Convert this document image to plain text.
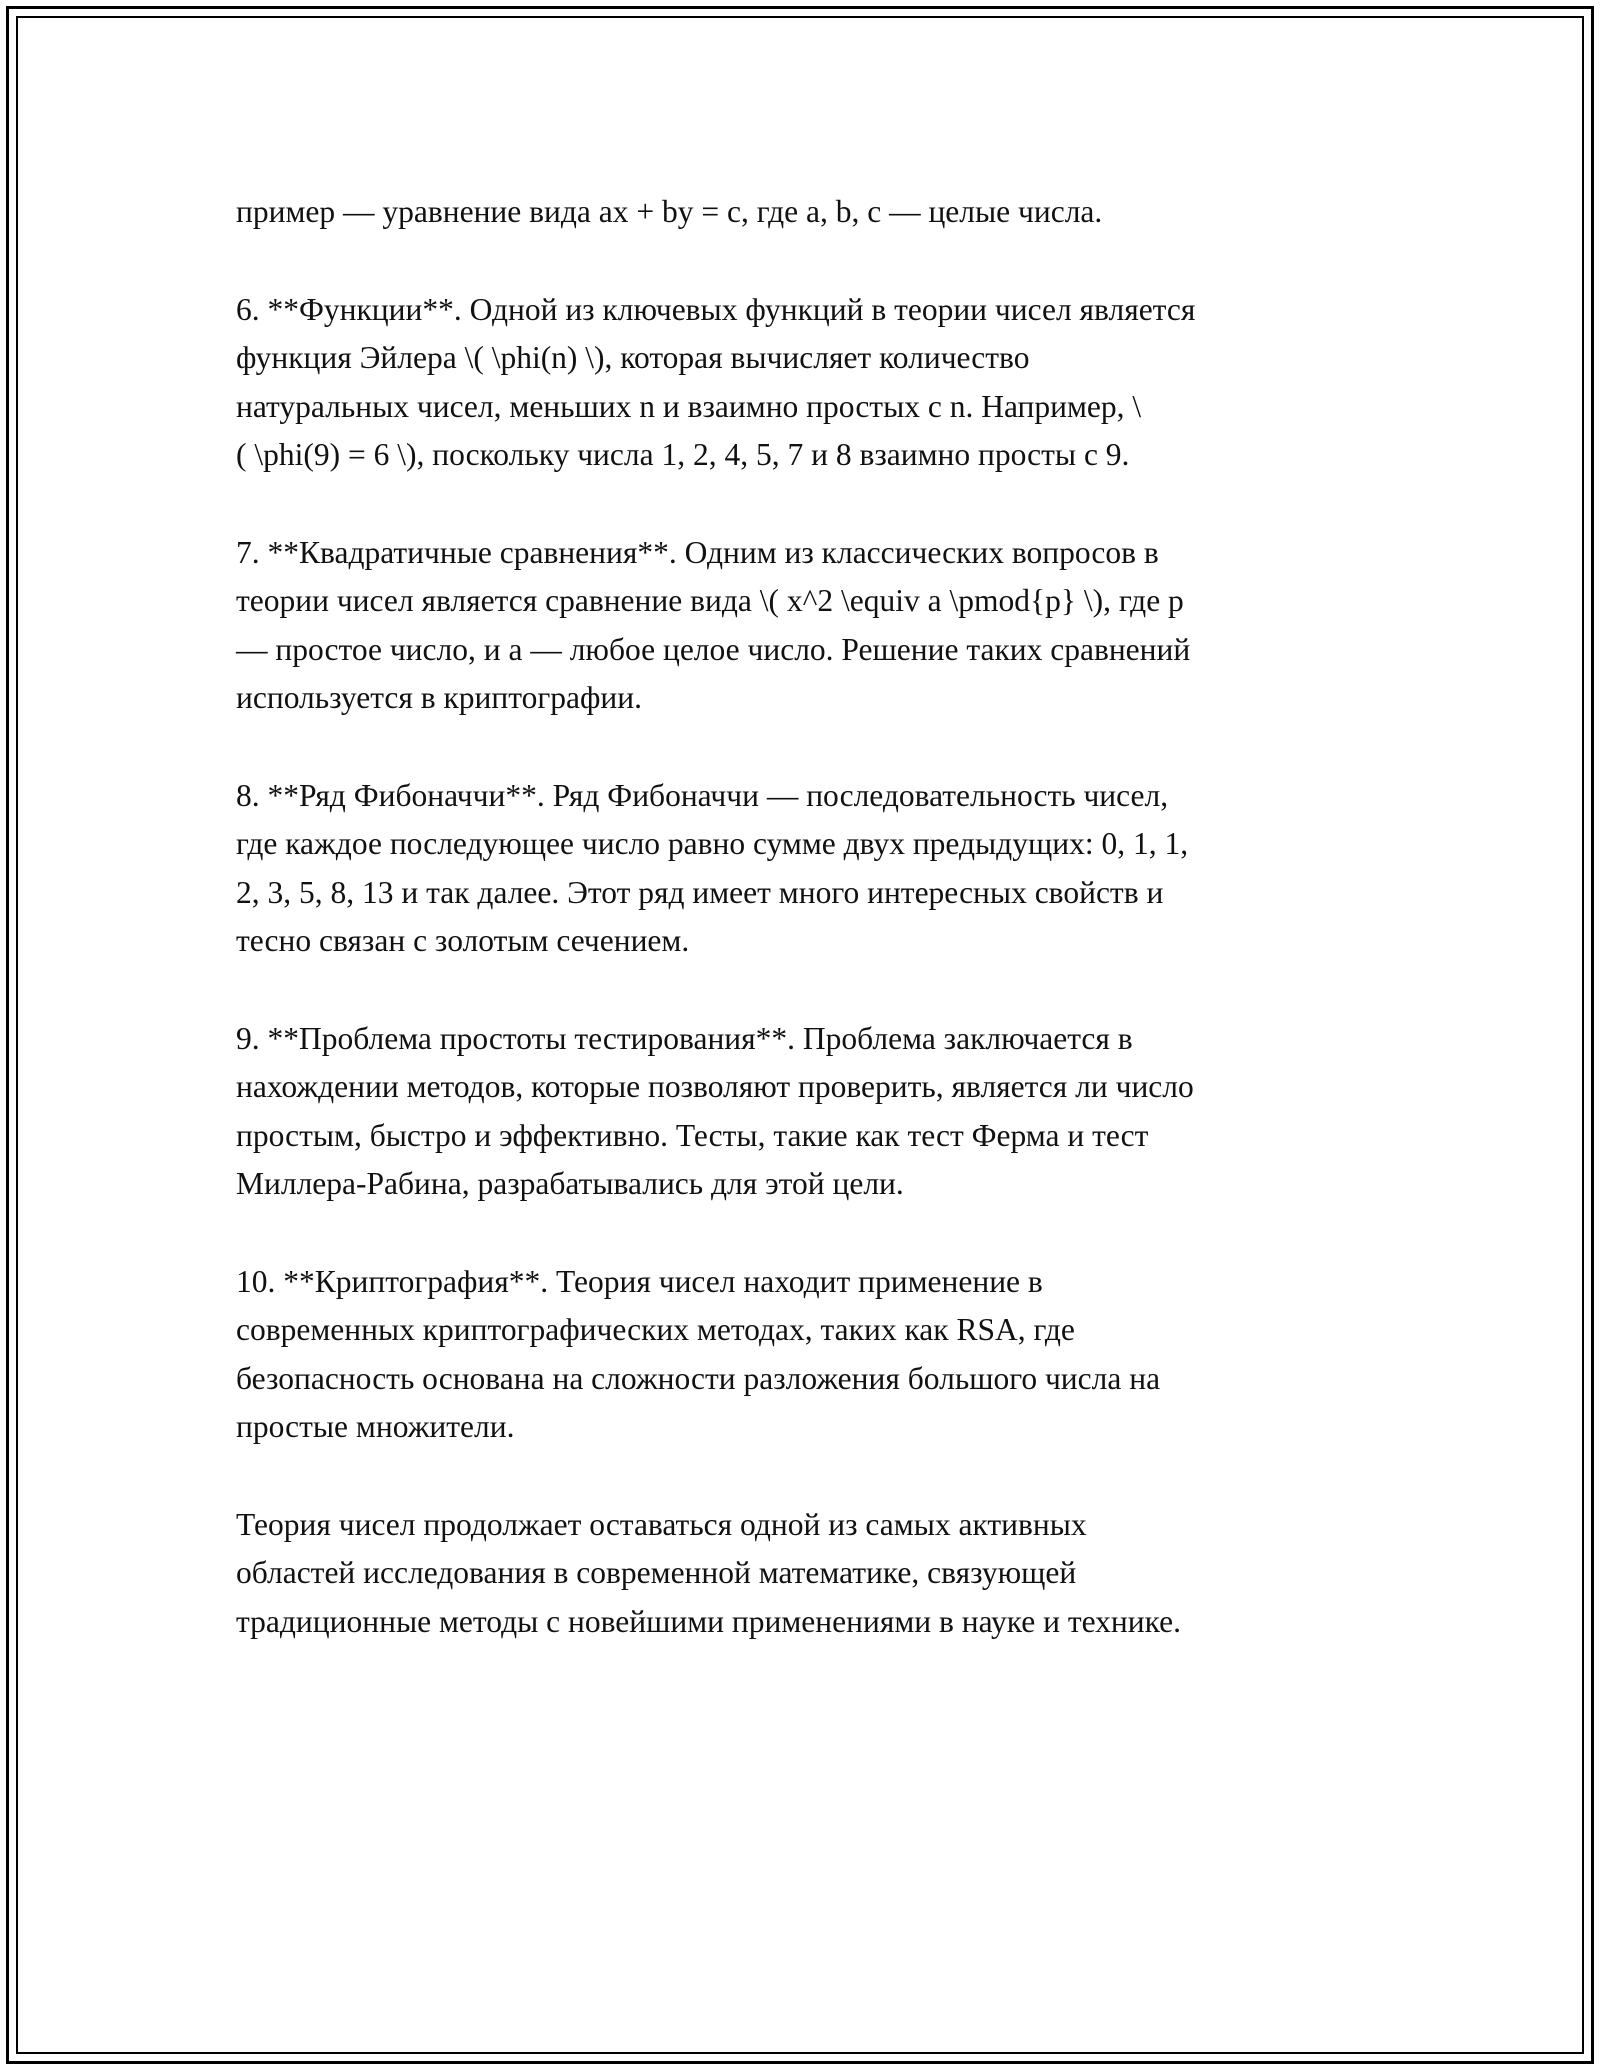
пример — уравнение вида ax + by = c, где a, b, c — целые числа.
6. **Функции**. Одной из ключевых функций в теории чисел является
функция Эйлера \( \phi(n) \), которая вычисляет количество
натуральных чисел, меньших n и взаимно простых с n. Например, \
( \phi(9) = 6 \), поскольку числа 1, 2, 4, 5, 7 и 8 взаимно просты с 9.
7. **Квадратичные сравнения**. Одним из классических вопросов в
теории чисел является сравнение вида \( x^2 \equiv a \pmod{p} \), где p
— простое число, и a — любое целое число. Решение таких сравнений
используется в криптографии.
8. **Ряд Фибоначчи**. Ряд Фибоначчи — последовательность чисел,
где каждое последующее число равно сумме двух предыдущих: 0, 1, 1,
2, 3, 5, 8, 13 и так далее. Этот ряд имеет много интересных свойств и
тесно связан с золотым сечением.
9. **Проблема простоты тестирования**. Проблема заключается в
нахождении методов, которые позволяют проверить, является ли число
простым, быстро и эффективно. Тесты, такие как тест Ферма и тест
Миллера-Рабина, разрабатывались для этой цели.
10. **Криптография**. Теория чисел находит применение в
современных криптографических методах, таких как RSA, где
безопасность основана на сложности разложения большого числа на
простые множители.
Теория чисел продолжает оставаться одной из самых активных
областей исследования в современной математике, связующей
традиционные методы с новейшими применениями в науке и технике.
